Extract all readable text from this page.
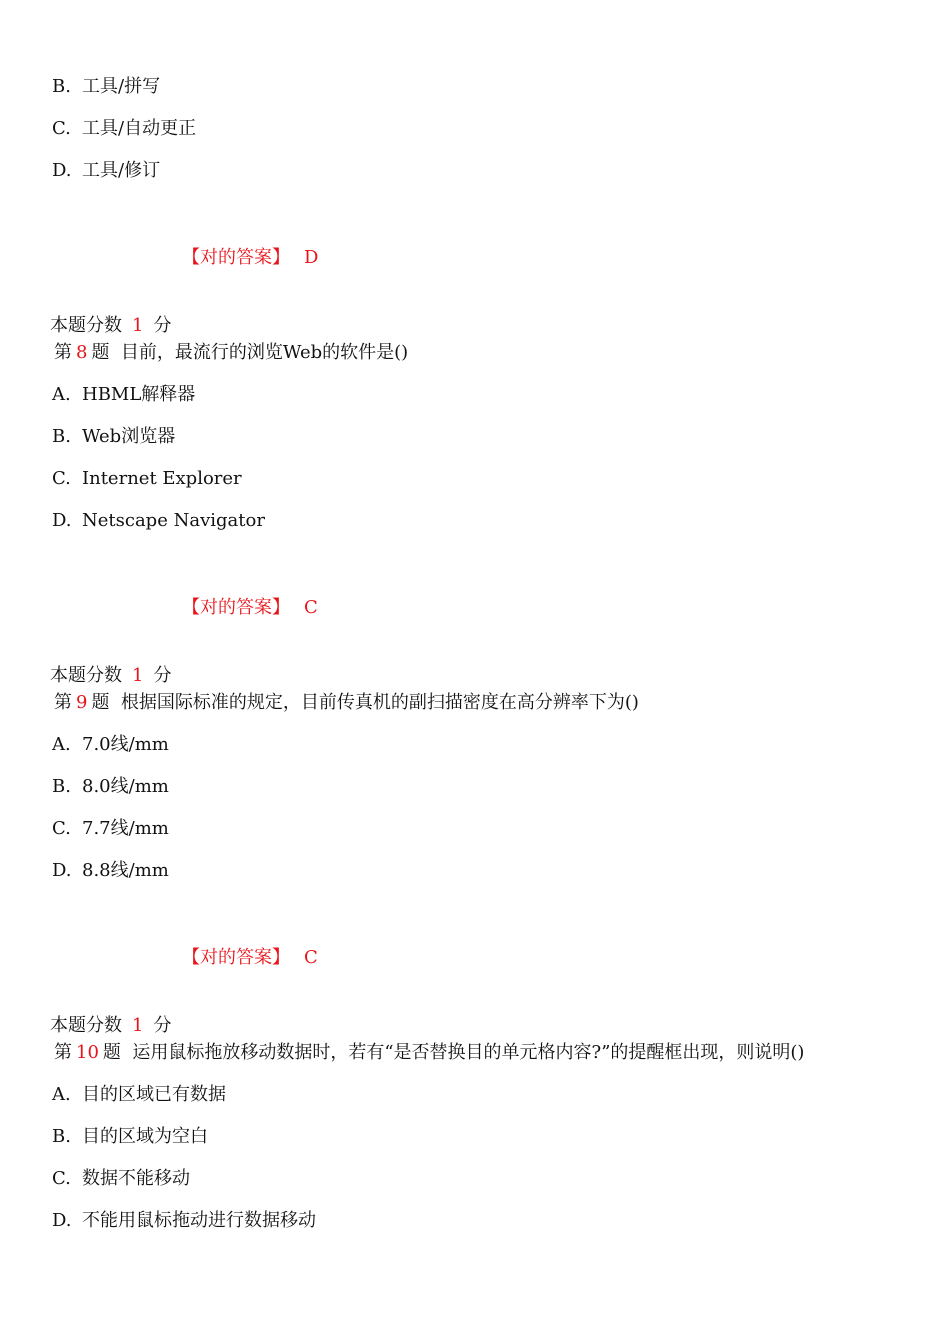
B. 工具/拼写
C. 工具/自动更正
D. 工具/修订
【对的答案】 D
本题分数 1 分
第 8 题 目前，最流行的浏览Web的软件是()
A. HBML解释器
B. Web浏览器
C. Internet Explorer
D. Netscape Navigator
【对的答案】 C
本题分数 1 分
第 9 题 根据国际标准的规定，目前传真机的副扫描密度在高分辨率下为()
A. 7.0线/mm
B. 8.0线/mm
C. 7.7线/mm
D. 8.8线/mm
【对的答案】 C
本题分数 1 分
第 10 题 运用鼠标拖放移动数据时，若有“是否替换目的单元格内容?”的提醒框出现，则说明()
A. 目的区域已有数据
B. 目的区域为空白
C. 数据不能移动
D. 不能用鼠标拖动进行数据移动
